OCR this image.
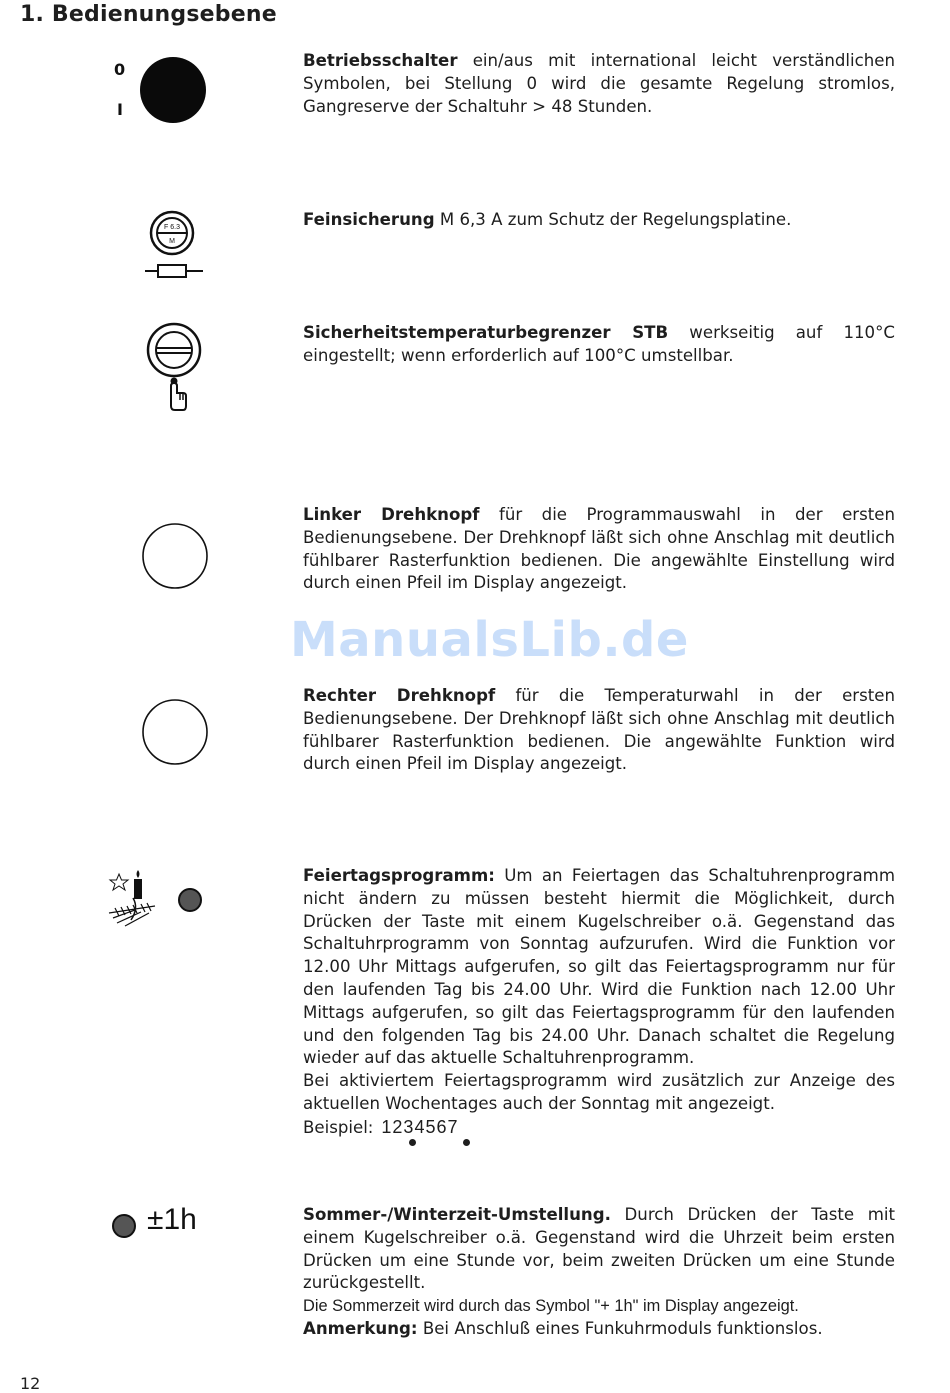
1. Bedienungsebene
0
I

Betriebsschalter ein/aus mit international leicht verständlichen Symbolen, bei Stellung 0 wird die gesamte Regelung stromlos, Gangreserve der Schaltuhr > 48 Stunden.

F 6.3
M

Feinsicherung M 6,3 A zum Schutz der Regelungsplatine.

Sicherheitstemperaturbegrenzer STB werkseitig auf 110°C eingestellt; wenn erforderlich auf 100°C umstellbar.

Linker Drehknopf für die Programmauswahl in der ersten Bedienungsebene. Der Drehknopf läßt sich ohne Anschlag mit deutlich fühlbarer Rasterfunktion bedienen. Die angewählte Einstellung wird durch einen Pfeil im Display angezeigt.

ManualsLib.de

Rechter Drehknopf für die Temperaturwahl in der ersten Bedienungsebene. Der Drehknopf läßt sich ohne Anschlag mit deutlich fühlbarer Rasterfunktion bedienen. Die angewählte Funktion wird durch einen Pfeil im Display angezeigt.

Feiertagsprogramm: Um an Feiertagen das Schaltuhrenprogramm nicht ändern zu müssen besteht hiermit die Möglichkeit, durch Drücken der Taste mit einem Kugelschreiber o.ä. Gegenstand das Schaltuhrprogramm von Sonntag aufzurufen. Wird die Funktion vor 12.00 Uhr Mittags aufgerufen, so gilt das Feiertagsprogramm nur für den laufenden Tag bis 24.00 Uhr. Wird die Funktion nach 12.00 Uhr Mittags aufgerufen, so gilt das Feiertagsprogramm für den laufenden und den folgenden Tag bis 24.00 Uhr. Danach schaltet die Regelung wieder auf das aktuelle Schaltuhrenprogramm.

Bei aktiviertem Feiertagsprogramm wird zusätzlich zur Anzeige des aktuellen Wochentages auch der Sonntag mit angezeigt.

Beispiel: 1234567

±1h	Sommer-/Winterzeit-Umstellung. Durch Drücken der Taste mit einem Kugelschreiber o.ä. Gegenstand wird die Uhrzeit beim ersten Drücken um eine Stunde vor, beim zweiten Drücken um eine Stunde zurückgestellt.

Die Sommerzeit wird durch das Symbol "+ 1h" im Display angezeigt.

Anmerkung: Bei Anschluß eines Funkuhrmoduls funktionslos.

12
